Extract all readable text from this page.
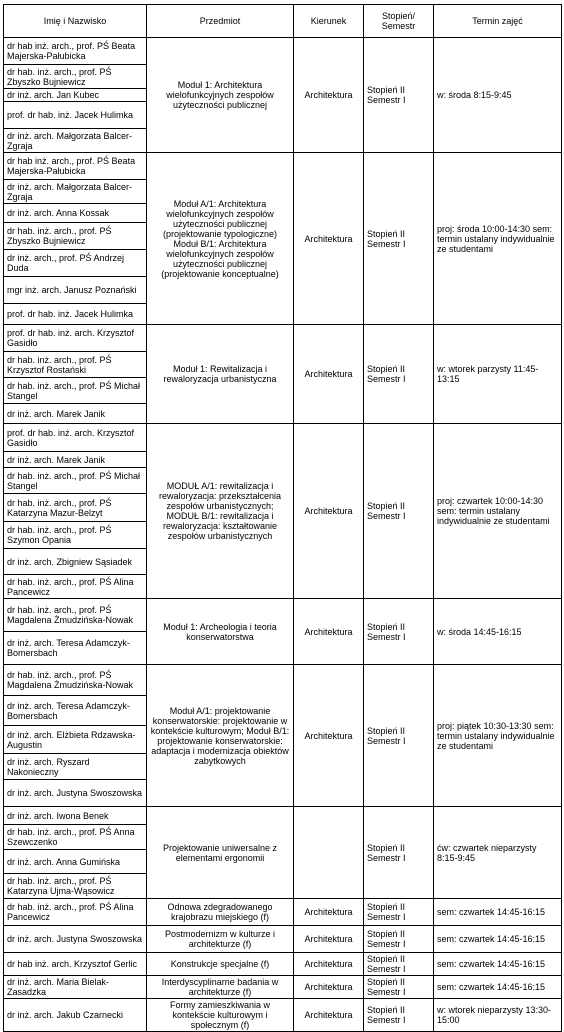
Imię i Nazwisko	Przedmiot	Kierunek	Stopień/ Semestr	Termin zajęć
dr hab inż. arch., prof. PŚ Beata Majerska-Pałubicka	Moduł 1: Architektura wielofunkcyjnych zespołów użyteczności publicznej	Architektura	Stopień II Semestr I	w: środa 8:15-9:45
dr hab. inż. arch., prof. PŚ Zbyszko Bujniewicz				
dr inż. arch. Jan Kubec				
prof. dr hab. inż. Jacek Hulimka				
dr inż. arch. Małgorzata Balcer-Zgraja				
dr hab inż. arch., prof. PŚ Beata Majerska-Pałubicka	Moduł A/1: Architektura wielofunkcyjnych zespołów użyteczności publicznej (projektowanie typologiczne) Moduł B/1: Architektura wielofunkcyjnych zespołów użyteczności publicznej (projektowanie konceptualne)	Architektura	Stopień II Semestr I	proj: środa 10:00-14:30 sem: termin ustalany indywidualnie ze studentami
dr inż. arch. Małgorzata Balcer-Zgraja				
dr inż. arch. Anna Kossak				
dr hab. inż. arch., prof. PŚ Zbyszko Bujniewicz				
dr inż. arch., prof. PŚ Andrzej Duda				
mgr inż. arch. Janusz Poznański				
prof. dr hab. inż. Jacek Hulimka				
prof. dr hab. inż. arch. Krzysztof Gasidło	Moduł 1: Rewitalizacja i rewaloryzacja urbanistyczna	Architektura	Stopień II Semestr I	w: wtorek parzysty 11:45-13:15
dr hab. inż. arch., prof. PŚ Krzysztof Rostański				
dr hab. inż. arch., prof. PŚ Michał Stangel				
dr inż. arch. Marek Janik				
prof. dr hab. inż. arch. Krzysztof Gasidło	MODUŁ A/1: rewitalizacja i rewaloryzacja: przekształcenia zespołów urbanistycznych; MODUŁ B/1: rewitalizacja i rewaloryzacja: kształtowanie zespołów urbanistycznych	Architektura	Stopień II Semestr I	proj: czwartek 10:00-14:30 sem: termin ustalany indywidualnie ze studentami
dr inż. arch. Marek Janik				
dr hab. inż. arch., prof. PŚ Michał Stangel				
dr hab. inż. arch., prof. PŚ Katarzyna Mazur-Belzyt				
dr hab. inż. arch., prof. PŚ Szymon Opania				
dr inż. arch. Zbigniew Sąsiadek				
dr hab. inż. arch., prof. PŚ Alina Pancewicz				
dr hab. inż. arch., prof. PŚ Magdalena Żmudzińska-Nowak	Moduł 1: Archeologia i teoria konserwatorstwa	Architektura	Stopień II Semestr I	w: środa 14:45-16:15
dr inż. arch. Teresa Adamczyk-Bomersbach				
dr hab. inż. arch., prof. PŚ Magdalena Żmudzińska-Nowak	Moduł A/1: projektowanie konserwatorskie: projektowanie w kontekście kulturowym; Moduł B/1: projektowanie konserwatorskie: adaptacja i modernizacja obiektów zabytkowych	Architektura	Stopień II Semestr I	proj: piątek 10:30-13:30 sem: termin ustalany indywidualnie ze studentami
dr inż. arch. Teresa Adamczyk-Bomersbach				
dr inż. arch. Elżbieta Rdzawska-Augustin				
dr inż. arch. Ryszard Nakonieczny				
dr inż. arch. Justyna Swoszowska				
dr inż. arch. Iwona Benek	Projektowanie uniwersalne z elementami ergonomii		Stopień II Semestr I	ćw: czwartek nieparzysty 8:15-9:45
dr hab. inż. arch., prof. PŚ Anna Szewczenko				
dr inż. arch. Anna Gumińska				
dr hab. inż. arch., prof. PŚ Katarzyna Ujma-Wąsowicz				
dr hab. inż. arch., prof. PŚ Alina Pancewicz	Odnowa zdegradowanego krajobrazu miejskiego (f)	Architektura	Stopień II Semestr I	sem: czwartek 14:45-16:15
dr inż. arch. Justyna Swoszowska	Postmodernizm w kulturze i architekturze (f)	Architektura	Stopień II Semestr I	sem: czwartek 14:45-16:15
dr hab inż. arch. Krzysztof Gerlic	Konstrukcje specjalne (f)	Architektura	Stopień II Semestr I	sem: czwartek 14:45-16:15
dr inż. arch. Maria Bielak-Zasadzka	Interdyscyplinarne badania w architekturze (f)	Architektura	Stopień II Semestr I	sem: czwartek 14:45-16:15
dr inż. arch. Jakub Czarnecki	Formy zamieszkiwania w kontekście kulturowym i społecznym (f)	Architektura	Stopień II Semestr I	w: wtorek nieparzysty 13:30-15:00
